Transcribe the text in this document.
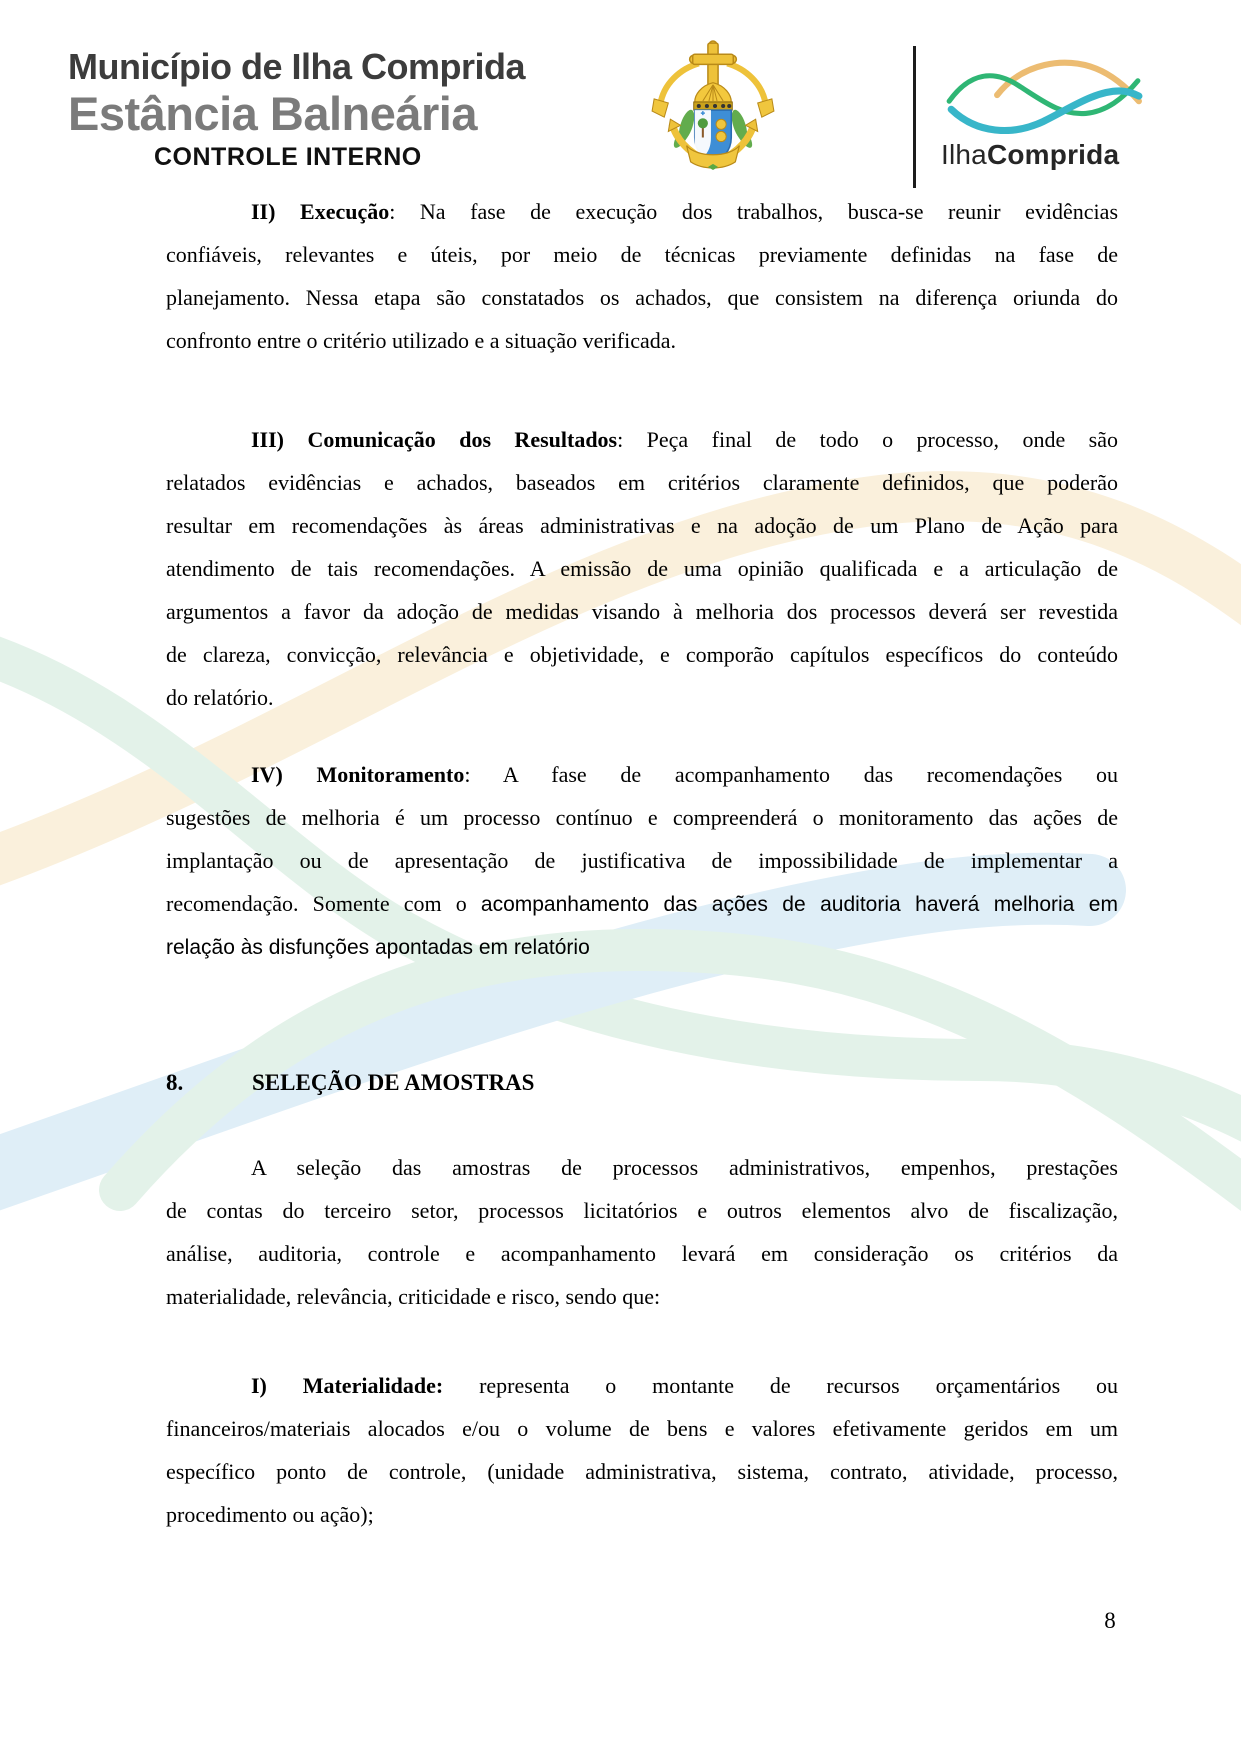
Município de Ilha Comprida
Estância Balneária
CONTROLE INTERNO	IlhaComprida
II) Execução: Na fase de execução dos trabalhos, busca-se reunir evidências
confiáveis, relevantes e úteis, por meio de técnicas previamente definidas na fase de
planejamento. Nessa etapa são constatados os achados, que consistem na diferença oriunda do
confronto entre o critério utilizado e a situação verificada.
III) Comunicação dos Resultados: Peça final de todo o processo, onde são
relatados evidências e achados, baseados em critérios claramente definidos, que poderão
resultar em recomendações às áreas administrativas e na adoção de um Plano de Ação para
atendimento de tais recomendações. A emissão de uma opinião qualificada e a articulação de
argumentos a favor da adoção de medidas visando à melhoria dos processos deverá ser revestida
de clareza, convicção, relevância e objetividade, e comporão capítulos específicos do conteúdo
do relatório.
IV) Monitoramento: A fase de acompanhamento das recomendações ou
sugestões de melhoria é um processo contínuo e compreenderá o monitoramento das ações de
implantação ou de apresentação de justificativa de impossibilidade de implementar a
recomendação. Somente com o acompanhamento das ações de auditoria haverá melhoria em
relação às disfunções apontadas em relatório
8.	SELEÇÃO DE AMOSTRAS
A seleção das amostras de processos administrativos, empenhos, prestações
de contas do terceiro setor, processos licitatórios e outros elementos alvo de fiscalização,
análise, auditoria, controle e acompanhamento levará em consideração os critérios da
materialidade, relevância, criticidade e risco, sendo que:
I) Materialidade: representa o montante de recursos orçamentários ou
financeiros/materiais alocados e/ou o volume de bens e valores efetivamente geridos em um
específico ponto de controle, (unidade administrativa, sistema, contrato, atividade, processo,
procedimento ou ação);
8
